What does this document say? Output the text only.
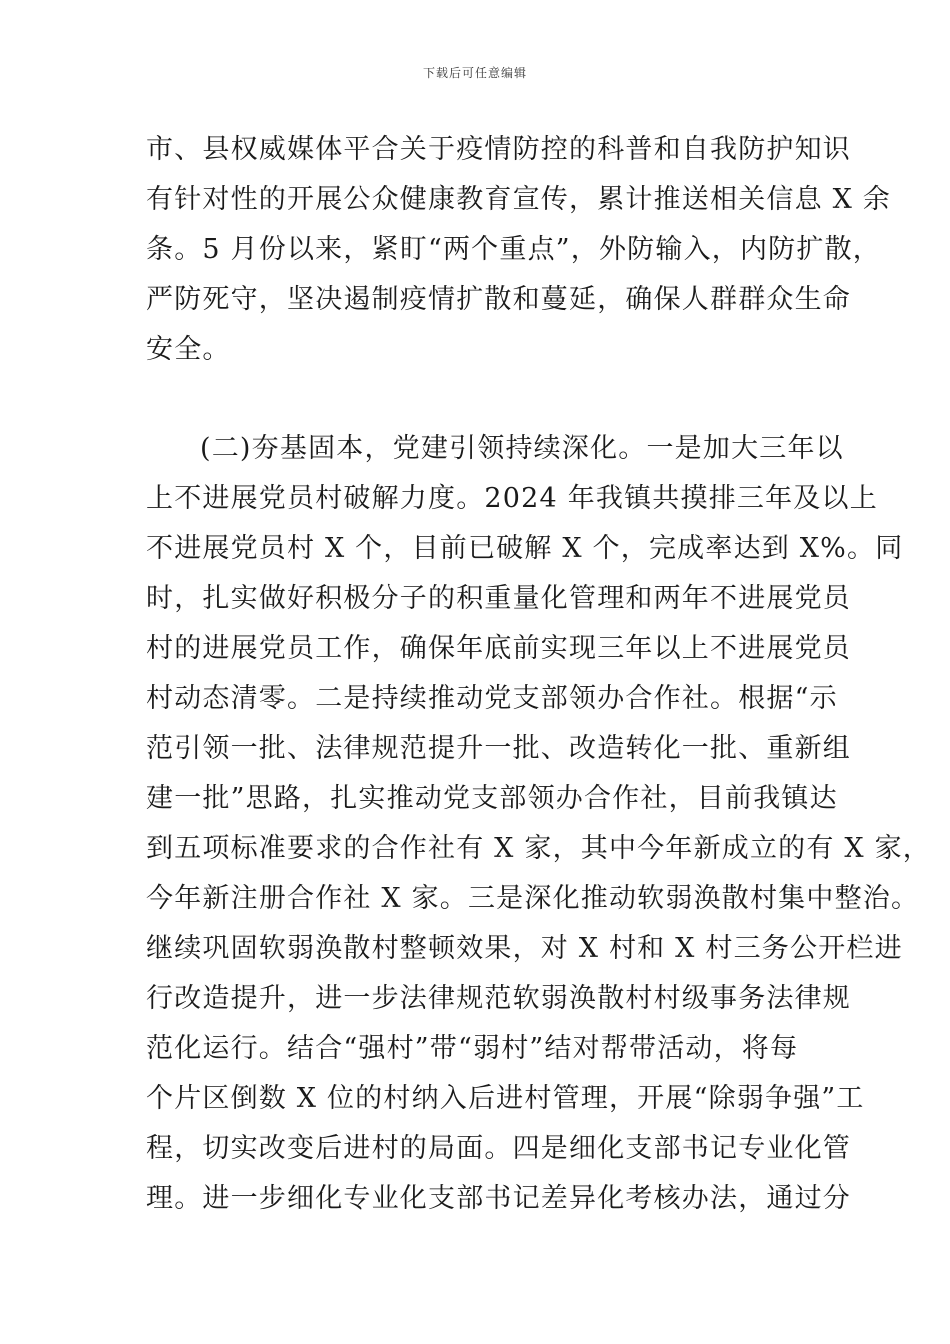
下载后可任意编辑
市、县权威媒体平合关于疫情防控的科普和自我防护知识
有针对性的开展公众健康教育宣传，累计推送相关信息 X 余
条。5 月份以来，紧盯“两个重点”，外防输入，内防扩散，
严防死守，坚决遏制疫情扩散和蔓延，确保人群群众生命
安全。
(二)夯基固本，党建引领持续深化。一是加大三年以
上不进展党员村破解力度。2024 年我镇共摸排三年及以上
不进展党员村 X 个，目前已破解 X 个，完成率达到 X%。同
时，扎实做好积极分子的积重量化管理和两年不进展党员
村的进展党员工作，确保年底前实现三年以上不进展党员
村动态清零。二是持续推动党支部领办合作社。根据“示
范引领一批、法律规范提升一批、改造转化一批、重新组
建一批”思路，扎实推动党支部领办合作社，目前我镇达
到五项标准要求的合作社有 X 家，其中今年新成立的有 X 家，
今年新注册合作社 X 家。三是深化推动软弱涣散村集中整治。
继续巩固软弱涣散村整顿效果，对 X 村和 X 村三务公开栏进
行改造提升，进一步法律规范软弱涣散村村级事务法律规
范化运行。结合“强村”带“弱村”结对帮带活动，将每
个片区倒数 X 位的村纳入后进村管理，开展“除弱争强”工
程，切实改变后进村的局面。四是细化支部书记专业化管
理。进一步细化专业化支部书记差异化考核办法，通过分
